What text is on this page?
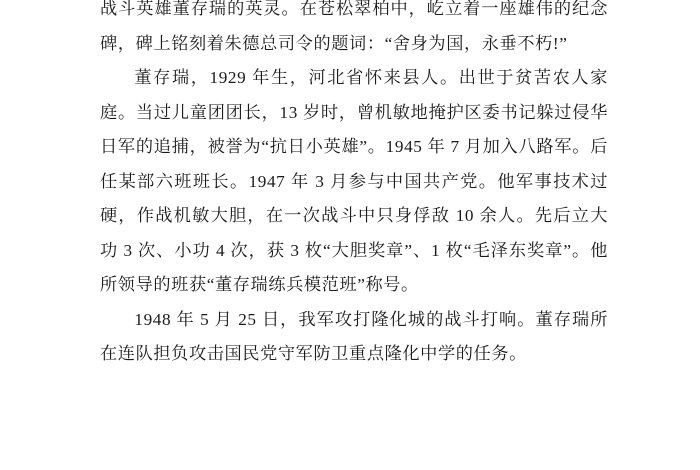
战斗英雄董存瑞的英灵。在苍松翠柏中，屹立着一座雄伟的纪念碑，碑上铭刻着朱德总司令的题词：“舍身为国，永垂不朽!”

董存瑞，1929 年生，河北省怀来县人。出世于贫苦农人家庭。当过儿童团团长，13 岁时，曾机敏地掩护区委书记躲过侵华日军的追捕，被誉为“抗日小英雄”。1945 年 7 月加入八路军。后任某部六班班长。1947 年 3 月参与中国共产党。他军事技术过硬，作战机敏大胆，在一次战斗中只身俘敌 10 余人。先后立大功 3 次、小功 4 次，获 3 枚“大胆奖章”、1 枚“毛泽东奖章”。他所领导的班获“董存瑞练兵模范班”称号。

1948 年 5 月 25 日，我军攻打隆化城的战斗打响。董存瑞所在连队担负攻击国民党守军防卫重点隆化中学的任务。
